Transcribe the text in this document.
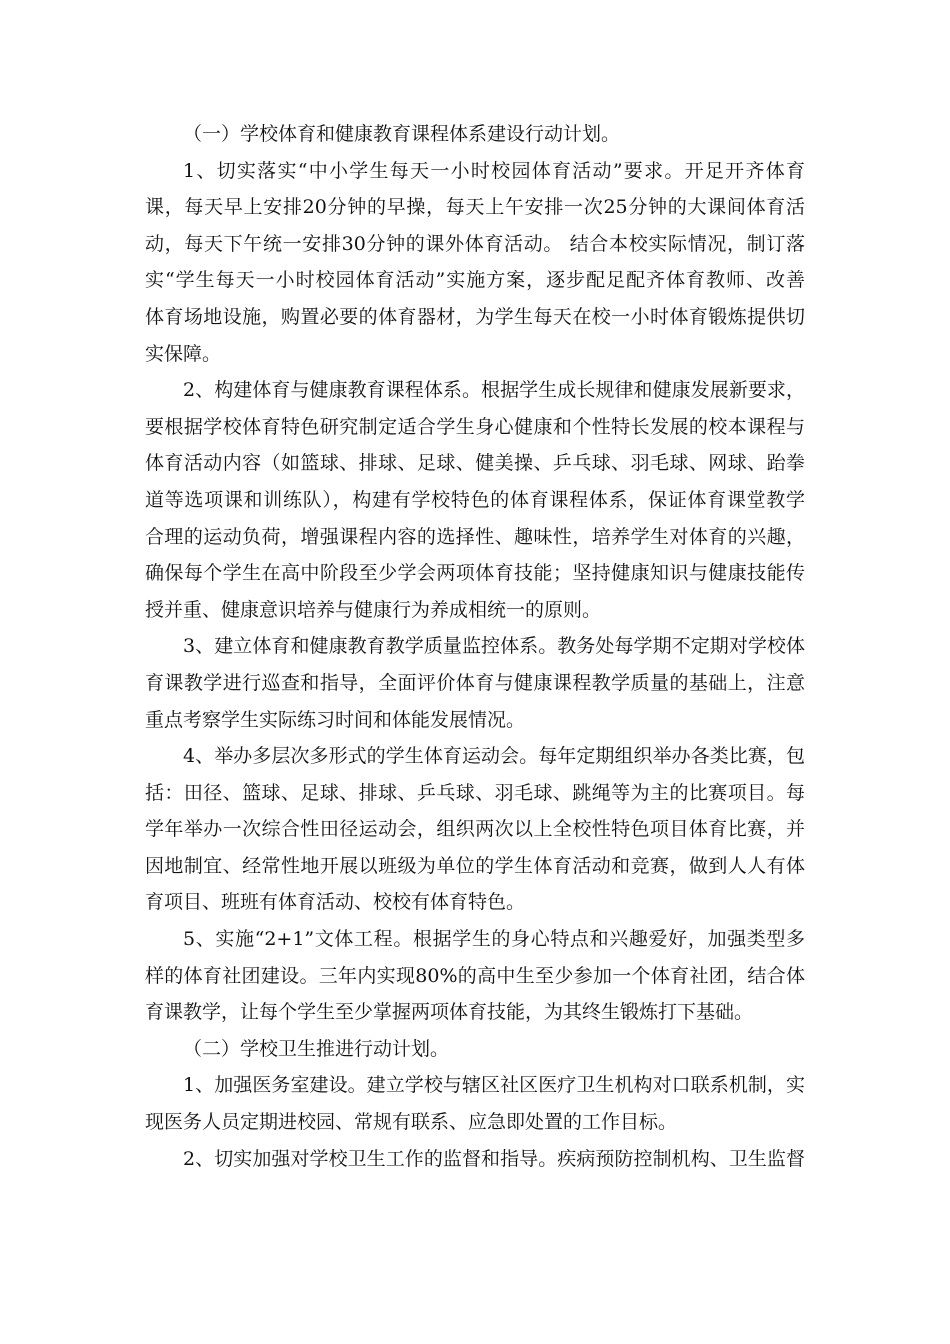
（一）学校体育和健康教育课程体系建设行动计划。
1、切实落实“中小学生每天一小时校园体育活动”要求。开足开齐体育
课，每天早上安排20分钟的早操，每天上午安排一次25分钟的大课间体育活
动，每天下午统一安排30分钟的课外体育活动。 结合本校实际情况，制订落
实“学生每天一小时校园体育活动”实施方案，逐步配足配齐体育教师、改善
体育场地设施，购置必要的体育器材，为学生每天在校一小时体育锻炼提供切
实保障。
2、构建体育与健康教育课程体系。根据学生成长规律和健康发展新要求，
要根据学校体育特色研究制定适合学生身心健康和个性特长发展的校本课程与
体育活动内容（如篮球、排球、足球、健美操、乒乓球、羽毛球、网球、跆拳
道等选项课和训练队），构建有学校特色的体育课程体系，保证体育课堂教学
合理的运动负荷，增强课程内容的选择性、趣味性，培养学生对体育的兴趣，
确保每个学生在高中阶段至少学会两项体育技能；坚持健康知识与健康技能传
授并重、健康意识培养与健康行为养成相统一的原则。
3、建立体育和健康教育教学质量监控体系。教务处每学期不定期对学校体
育课教学进行巡查和指导，全面评价体育与健康课程教学质量的基础上，注意
重点考察学生实际练习时间和体能发展情况。
4、举办多层次多形式的学生体育运动会。每年定期组织举办各类比赛，包
括：田径、篮球、足球、排球、乒乓球、羽毛球、跳绳等为主的比赛项目。每
学年举办一次综合性田径运动会，组织两次以上全校性特色项目体育比赛，并
因地制宜、经常性地开展以班级为单位的学生体育活动和竞赛，做到人人有体
育项目、班班有体育活动、校校有体育特色。
5、实施“2+1”文体工程。根据学生的身心特点和兴趣爱好，加强类型多
样的体育社团建设。三年内实现80%的高中生至少参加一个体育社团，结合体
育课教学，让每个学生至少掌握两项体育技能，为其终生锻炼打下基础。
（二）学校卫生推进行动计划。
1、加强医务室建设。建立学校与辖区社区医疗卫生机构对口联系机制，实
现医务人员定期进校园、常规有联系、应急即处置的工作目标。
2、切实加强对学校卫生工作的监督和指导。疾病预防控制机构、卫生监督
